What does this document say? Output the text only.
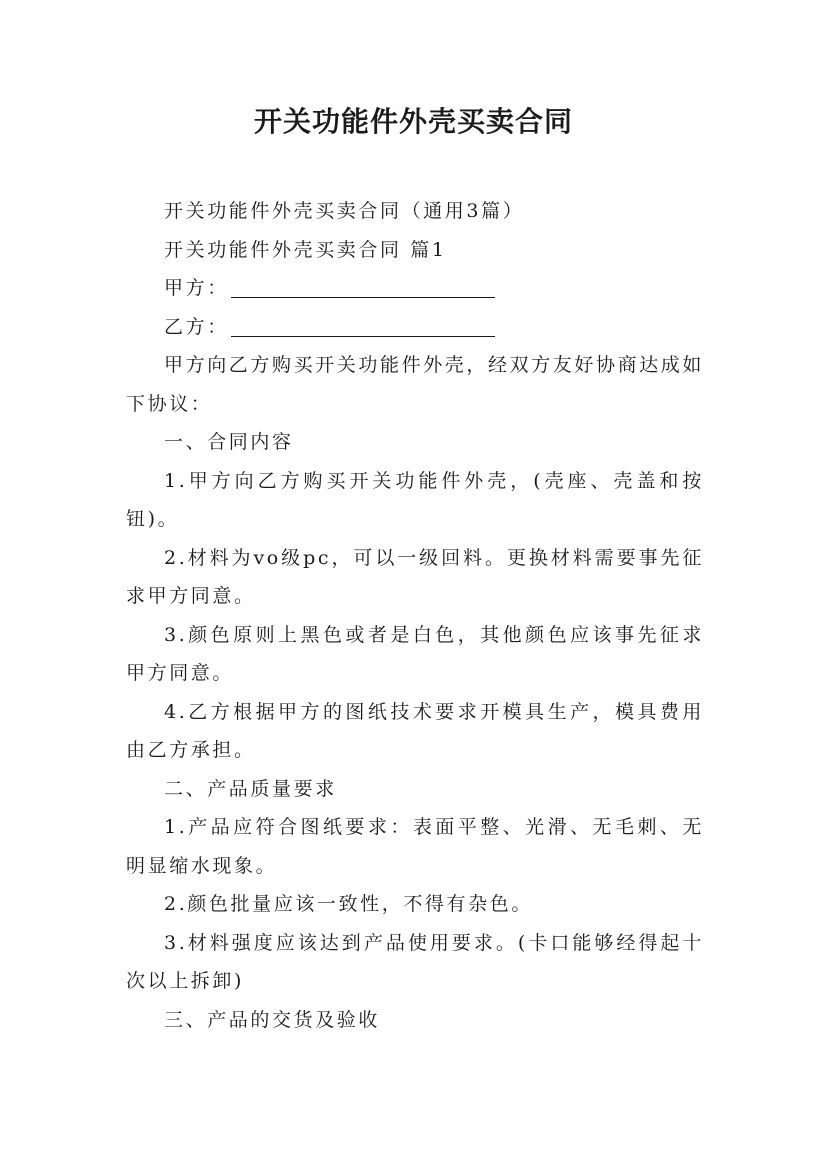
开关功能件外壳买卖合同

开关功能件外壳买卖合同（通用3篇）

开关功能件外壳买卖合同 篇1

甲方：

乙方：

甲方向乙方购买开关功能件外壳，经双方友好协商达成如下协议：

一、合同内容

1.甲方向乙方购买开关功能件外壳，(壳座、壳盖和按钮)。

2.材料为vo级pc，可以一级回料。更换材料需要事先征求甲方同意。

3.颜色原则上黑色或者是白色，其他颜色应该事先征求甲方同意。

4.乙方根据甲方的图纸技术要求开模具生产，模具费用由乙方承担。

二、产品质量要求

1.产品应符合图纸要求：表面平整、光滑、无毛刺、无明显缩水现象。

2.颜色批量应该一致性，不得有杂色。

3.材料强度应该达到产品使用要求。(卡口能够经得起十次以上拆卸)

三、产品的交货及验收
